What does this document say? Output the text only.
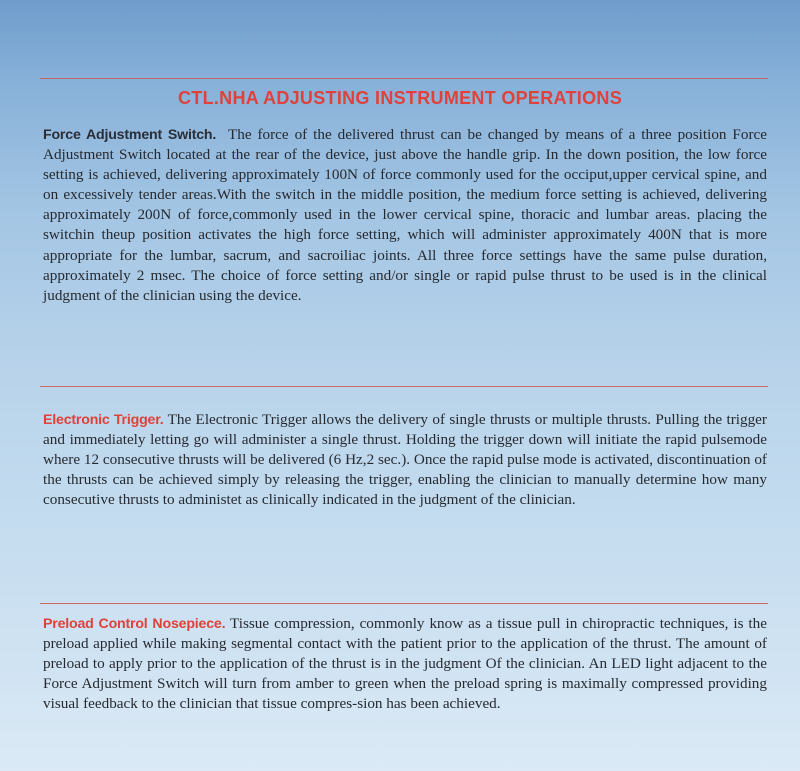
CTL.NHA ADJUSTING INSTRUMENT OPERATIONS

Force Adjustment Switch. The force of the delivered thrust can be changed by means of a three position Force Adjustment Switch located at the rear of the device, just above the handle grip. In the down position, the low force setting is achieved, delivering approximately 100N of force commonly used for the occiput,upper cervical spine, and on excessively tender areas.With the switch in the middle position, the medium force setting is achieved, delivering approximately 200N of force,commonly used in the lower cervical spine, thoracic and lumbar areas. placing the switchin theup position activates the high force setting, which will administer approximately 400N that is more appropriate for the lumbar, sacrum, and sacroiliac joints. All three force settings have the same pulse duration, approximately 2 msec. The choice of force setting and/or single or rapid pulse thrust to be used is in the clinical judgment of the clinician using the device.

Electronic Trigger. The Electronic Trigger allows the delivery of single thrusts or multiple thrusts. Pulling the trigger and immediately letting go will administer a single thrust. Holding the trigger down will initiate the rapid pulsemode where 12 consecutive thrusts will be delivered (6 Hz,2 sec.). Once the rapid pulse mode is activated, discontinuation of the thrusts can be achieved simply by releasing the trigger, enabling the clinician to manually determine how many consecutive thrusts to administet as clinically indicated in the judgment of the clinician.

Preload Control Nosepiece. Tissue compression, commonly know as a tissue pull in chiropractic techniques, is the preload applied while making segmental contact with the patient prior to the application of the thrust. The amount of preload to apply prior to the application of the thrust is in the judgment Of the clinician. An LED light adjacent to the Force Adjustment Switch will turn from amber to green when the preload spring is maximally compressed providing visual feedback to the clinician that tissue compres-sion has been achieved.
